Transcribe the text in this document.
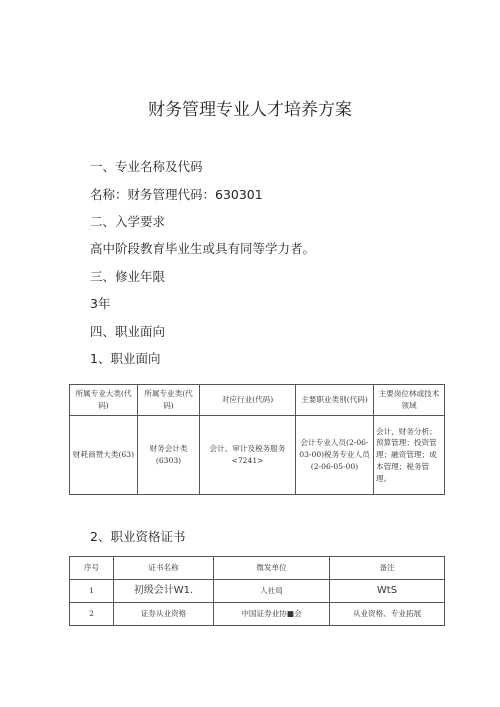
财务管理专业人才培养方案
一、专业名称及代码
名称：财务管理代码：630301
二、入学要求
高中阶段教育毕业生或具有同等学力者。
三、修业年限
3年
四、职业面向
1、职业面向
所属专业大类(代码)	所属专业类(代码)	对应行业(代码)	主要职业类别(代码)	主要岗位林或技术领域
财耗商赞大类(63)	财务会计类(6303)	会计、审计及税务服务<7241>	会计专业人员(2-06-03-00)税务专业人员(2-06-05-00)	会计，财务分析；预算管理；投资管理；融资管理；成本管理；税务管理。
2、职业资格证书
序号	证书名称	微发单位	备注
1	初级会计W1.	人社局	WtS
2	证券从业资格	中国证券业协■会	从业资格、专业拓展
